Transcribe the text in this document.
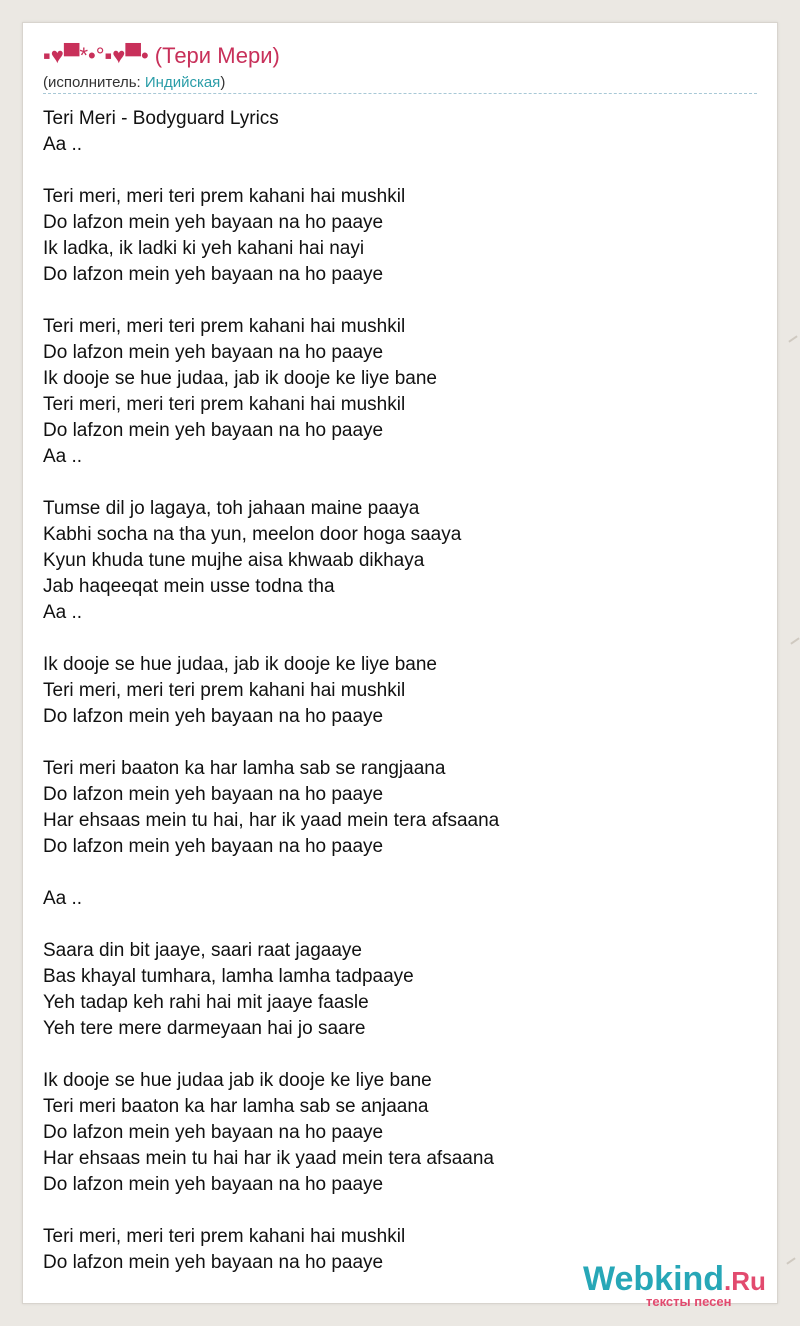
▪♥▀*•°▪♥▀• (Тери Мери)
(исполнитель: Индийская)
Teri Meri - Bodyguard Lyrics
Aa ..
Teri meri, meri teri prem kahani hai mushkil
Do lafzon mein yeh bayaan na ho paaye
Ik ladka, ik ladki ki yeh kahani hai nayi
Do lafzon mein yeh bayaan na ho paaye
Teri meri, meri teri prem kahani hai mushkil
Do lafzon mein yeh bayaan na ho paaye
Ik dooje se hue judaa, jab ik dooje ke liye bane
Teri meri, meri teri prem kahani hai mushkil
Do lafzon mein yeh bayaan na ho paaye
Aa ..
Tumse dil jo lagaya, toh jahaan maine paaya
Kabhi socha na tha yun, meelon door hoga saaya
Kyun khuda tune mujhe aisa khwaab dikhaya
Jab haqeeqat mein usse todna tha
Aa ..
Ik dooje se hue judaa, jab ik dooje ke liye bane
Teri meri, meri teri prem kahani hai mushkil
Do lafzon mein yeh bayaan na ho paaye
Teri meri baaton ka har lamha sab se rangjaana
Do lafzon mein yeh bayaan na ho paaye
Har ehsaas mein tu hai, har ik yaad mein tera afsaana
Do lafzon mein yeh bayaan na ho paaye
Aa ..
Saara din bit jaaye, saari raat jagaaye
Bas khayal tumhara, lamha lamha tadpaaye
Yeh tadap keh rahi hai mit jaaye faasle
Yeh tere mere darmeyaan hai jo saare
Ik dooje se hue judaa jab ik dooje ke liye bane
Teri meri baaton ka har lamha sab se anjaana
Do lafzon mein yeh bayaan na ho paaye
Har ehsaas mein tu hai har ik yaad mein tera afsaana
Do lafzon mein yeh bayaan na ho paaye
Teri meri, meri teri prem kahani hai mushkil
Do lafzon mein yeh bayaan na ho paaye	Webkind.Ru
тексты песен
